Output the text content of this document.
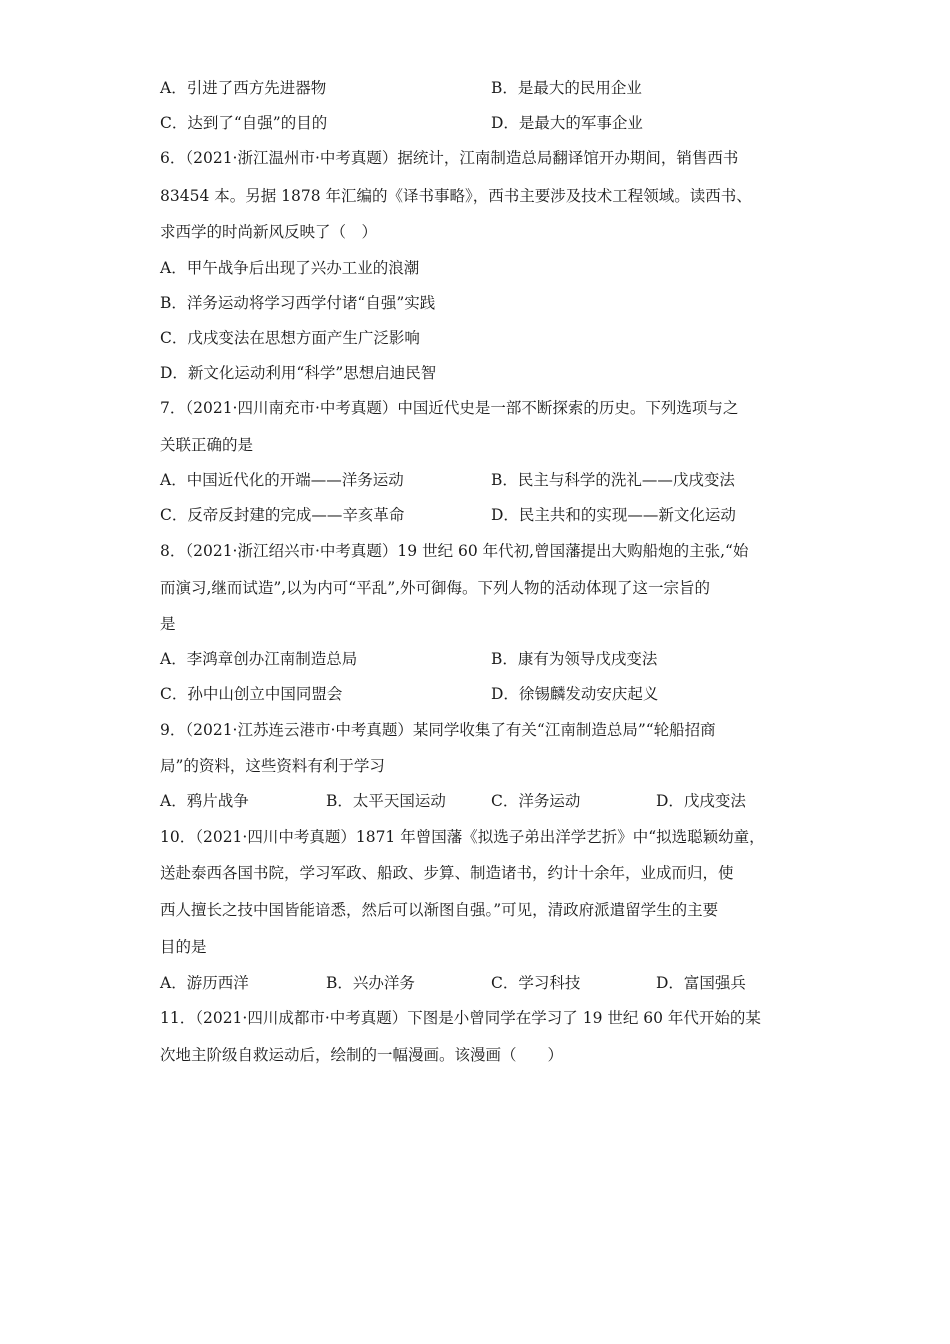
A．引进了西方先进器物	B．是最大的民用企业
C．达到了“自强”的目的	D．是最大的军事企业
6．（2021·浙江温州市·中考真题）据统计，江南制造总局翻译馆开办期间，销售西书
83454 本。另据 1878 年汇编的《译书事略》，西书主要涉及技术工程领域。读西书、
求西学的时尚新风反映了（　）
A．甲午战争后出现了兴办工业的浪潮
B．洋务运动将学习西学付诸“自强”实践
C．戊戌变法在思想方面产生广泛影响
D．新文化运动利用“科学”思想启迪民智
7．（2021·四川南充市·中考真题）中国近代史是一部不断探索的历史。下列选项与之
关联正确的是
A．中国近代化的开端——洋务运动	B．民主与科学的洗礼——戊戌变法
C．反帝反封建的完成——辛亥革命	D．民主共和的实现——新文化运动
8．（2021·浙江绍兴市·中考真题）19 世纪 60 年代初,曾国藩提出大购船炮的主张,“始
而演习,继而试造”,以为内可“平乱”,外可御侮。下列人物的活动体现了这一宗旨的
是
A．李鸿章创办江南制造总局	B．康有为领导戊戌变法
C．孙中山创立中国同盟会	D．徐锡麟发动安庆起义
9．（2021·江苏连云港市·中考真题）某同学收集了有关“江南制造总局”“轮船招商
局”的资料，这些资料有利于学习
A．鸦片战争	B．太平天国运动	C．洋务运动	D．戊戌变法
10．（2021·四川中考真题）1871 年曾国藩《拟选子弟出洋学艺折》中“拟选聪颖幼童，
送赴泰西各国书院，学习军政、船政、步算、制造诸书，约计十余年，业成而归，使
西人擅长之技中国皆能谙悉，然后可以渐图自强。”可见，清政府派遣留学生的主要
目的是
A．游历西洋	B．兴办洋务	C．学习科技	D．富国强兵
11．（2021·四川成都市·中考真题）下图是小曾同学在学习了 19 世纪 60 年代开始的某
次地主阶级自救运动后，绘制的一幅漫画。该漫画（　　）
